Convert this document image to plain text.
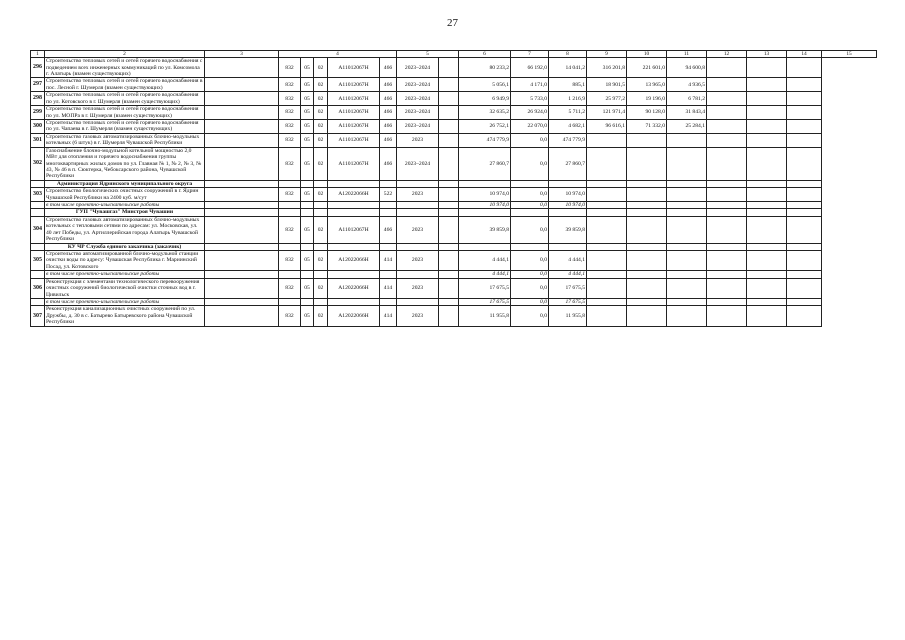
27
1	2	3	4					5		6	7	8	9	10	11	12	13	14	15
296	Строительство тепловых сетей и сетей горячего водоснабжения с подведением всех инженерных коммуникаций по ул. Комсомола г. Алатырь (взамен существующих)		832	05	02	А11012067Н	466	2023–2024		80 233,2	66 192,0	14 041,2	316 201,8	221 601,0	94 600,8				
297	Строительство тепловых сетей и сетей горячего водоснабжения в пос. Лесной г. Шумерля (взамен существующих)		832	05	02	А11012067Н	466	2023–2024		5 056,1	4 171,0	885,1	18 901,5	13 965,0	4 936,5				
298	Строительство тепловых сетей и сетей горячего водоснабжения по ул. Котовского в г. Шумерля (взамен существующих)		832	05	02	А11012067Н	466	2023–2024		6 949,9	5 733,0	1 216,9	25 977,2	19 196,0	6 781,2				
299	Строительство тепловых сетей и сетей горячего водоснабжения по ул. МОПРа в г. Шумерля (взамен существующих)		832	05	02	А11012067Н	466	2023–2024		32 635,2	26 924,0	5 711,2	121 971,4	90 128,0	31 843,4				
300	Строительство тепловых сетей и сетей горячего водоснабжения по ул. Чапаева в г. Шумерля (взамен существующих)		832	05	02	А11012067Н	466	2023–2024		26 752,1	22 070,0	4 682,1	96 616,1	71 332,0	25 284,1				
301	Строительство газовых автоматизированных блочно-модульных котельных (6 штук) в г. Шумерля Чувашской Республики		832	05	02	А11012067Н	466	2023		474 779,9	0,0	474 779,9							
302	Газоснабжение блочно-модульной котельной мощностью 2,0 МВт для отопления и горячего водоснабжения группы многоквартирных жилых домов по ул. Главная № 1, № 2, № 3, № 43, № 46 в п. Сюктерка, Чебоксарского района, Чувашской Республики		832	05	02	А11012067Н	466	2023–2024		27 860,7	0,0	27 860,7							
	Администрация Ядринского муниципального округа																		
303	Строительство биологических очистных сооружений в г. Ядрин Чувашской Республики на 2400 куб. м/сут		832	05	02	А12022066Н	522	2023		10 974,0	0,0	10 974,0							
	в том числе проектно-изыскательские работы									10 974,0	0,0	10 974,0							
	ГУП "Чувашгаз" Минстроя Чувашии																		
304	Строительство газовых автоматизированных блочно-модульных котельных с тепловыми сетями по адресам: ул. Московская, ул. 40 лет Победы, ул. Артиллерийская города Алатырь Чувашской Республики		832	05	02	А11012067Н	466	2023		39 859,8	0,0	39 859,8							
	КУ ЧР Служба единого заказчика (заказчик)																		
305	Строительство автоматизированной блочно-модульной станции очистки воды по адресу: Чувашская Республика г. Мариинский Посад, ул. Котовского		832	05	02	А12022066Н	414	2023		4 444,1	0,0	4 444,1							
	в том числе проектно-изыскательские работы									4 444,1	0,0	4 444,1							
306	Реконструкция с элементами технологического перевооружения очистных сооружений биологической очистки сточных вод в г. Цивильск		832	05	02	А12022066Н	414	2023		17 675,5	0,0	17 675,5							
	в том числе проектно-изыскательские работы									17 675,5	0,0	17 675,5							
307	Реконструкция канализационных очистных сооружений по ул. Дружбы, д. 30 в с. Батырево Батыревского района Чувашской Республики		832	05	02	А12022066Н	414	2023		11 955,8	0,0	11 955,8							
